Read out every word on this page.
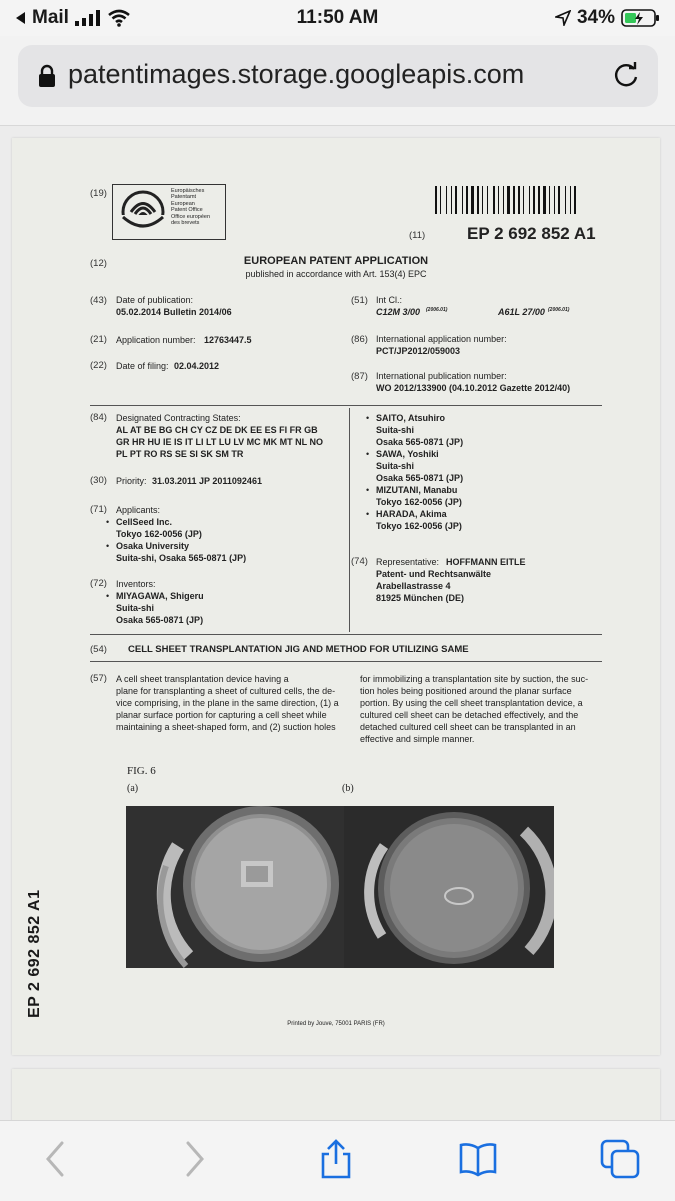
Mail	11:50 AM	34%
patentimages.storage.googleapis.com
(19)	Europäisches
Patentamt
European
Patent Office
Office européen
des brevets
(11) EP 2 692 852 A1
(12)	EUROPEAN PATENT APPLICATION
published in accordance with Art. 153(4) EPC
(43) Date of publication:
05.02.2014 Bulletin 2014/06
(51) Int Cl.:
C12M 3/00 (2006.01)	A61L 27/00 (2006.01)
(21) Application number: 12763447.5	(86) International application number:
PCT/JP2012/059003
(22) Date of filing: 02.04.2012
(87) International publication number:
WO 2012/133900 (04.10.2012 Gazette 2012/40)
(84) Designated Contracting States:
AL AT BE BG CH CY CZ DE DK EE ES FI FR GB
GR HR HU IE IS IT LI LT LU LV MC MK MT NL NO
PL PT RO RS SE SI SK SM TR
(30) Priority: 31.03.2011 JP 2011092461
(71) Applicants:
• CellSeed Inc.
Tokyo 162-0056 (JP)
• Osaka University
Suita-shi, Osaka 565-0871 (JP)
(72) Inventors:
• MIYAGAWA, Shigeru
Suita-shi
Osaka 565-0871 (JP)
• SAITO, Atsuhiro
Suita-shi
Osaka 565-0871 (JP)
• SAWA, Yoshiki
Suita-shi
Osaka 565-0871 (JP)
• MIZUTANI, Manabu
Tokyo 162-0056 (JP)
• HARADA, Akima
Tokyo 162-0056 (JP)
(74) Representative: HOFFMANN EITLE
Patent- und Rechtsanwälte
Arabellastrasse 4
81925 München (DE)
(54) CELL SHEET TRANSPLANTATION JIG AND METHOD FOR UTILIZING SAME
(57) A cell sheet transplantation device having a
plane for transplanting a sheet of cultured cells, the de-
vice comprising, in the plane in the same direction, (1) a
planar surface portion for capturing a cell sheet while
maintaining a sheet-shaped form, and (2) suction holes
for immobilizing a transplantation site by suction, the suc-
tion holes being positioned around the planar surface
portion. By using the cell sheet transplantation device, a
cultured cell sheet can be detached effectively, and the
detached cultured cell sheet can be transplanted in an
effective and simple manner.
FIG. 6
(a)	(b)
EP 2 692 852 A1
Printed by Jouve, 75001 PARIS (FR)
